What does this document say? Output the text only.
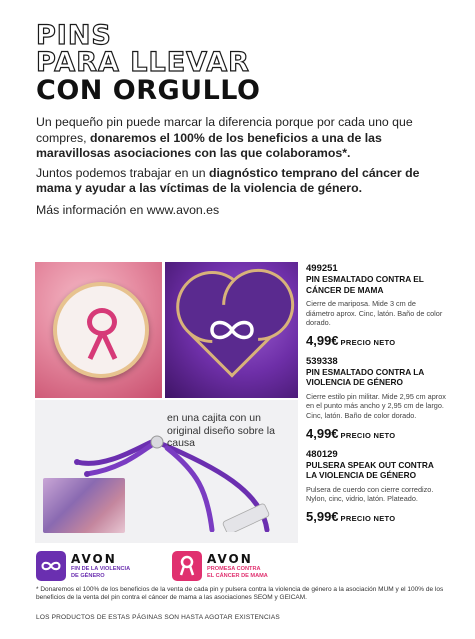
PINS
PARA LLEVAR
CON ORGULLO

Un pequeño pin puede marcar la diferencia porque por cada uno que compres, donaremos el 100% de los beneficios a una de las maravillosas asociaciones con las que colaboramos*.

Juntos podemos trabajar en un diagnóstico temprano del cáncer de mama y ayudar a las víctimas de la violencia de género.

Más información en www.avon.es

en una cajita con un original diseño sobre la causa
499251
PIN ESMALTADO CONTRA EL CÁNCER DE MAMA
Cierre de mariposa. Mide 3 cm de diámetro aprox. Cinc, latón. Baño de color dorado.
4,99€ PRECIO NETO
539338
PIN ESMALTADO CONTRA LA VIOLENCIA DE GÉNERO
Cierre estilo pin militar. Mide 2,95 cm aprox en el punto más ancho y 2,95 cm de largo. Cinc, latón. Baño de color dorado.
4,99€ PRECIO NETO
480129
PULSERA SPEAK OUT CONTRA LA VIOLENCIA DE GÉNERO
Pulsera de cuerdo con cierre corredizo. Nylon, cinc, vidrio, latón. Plateado.
5,99€ PRECIO NETO
AVON
FIN DE LA VIOLENCIA
DE GÉNERO
AVON
PROMESA CONTRA
EL CÁNCER DE MAMA
* Donaremos el 100% de los beneficios de la venta de cada pin y pulsera contra la violencia de género a la asociación MUM y el 100% de los beneficios de la venta del pin contra el cáncer de mama a las asociaciones SEOM y GEICAM.
LOS PRODUCTOS DE ESTAS PÁGINAS SON HASTA AGOTAR EXISTENCIAS
